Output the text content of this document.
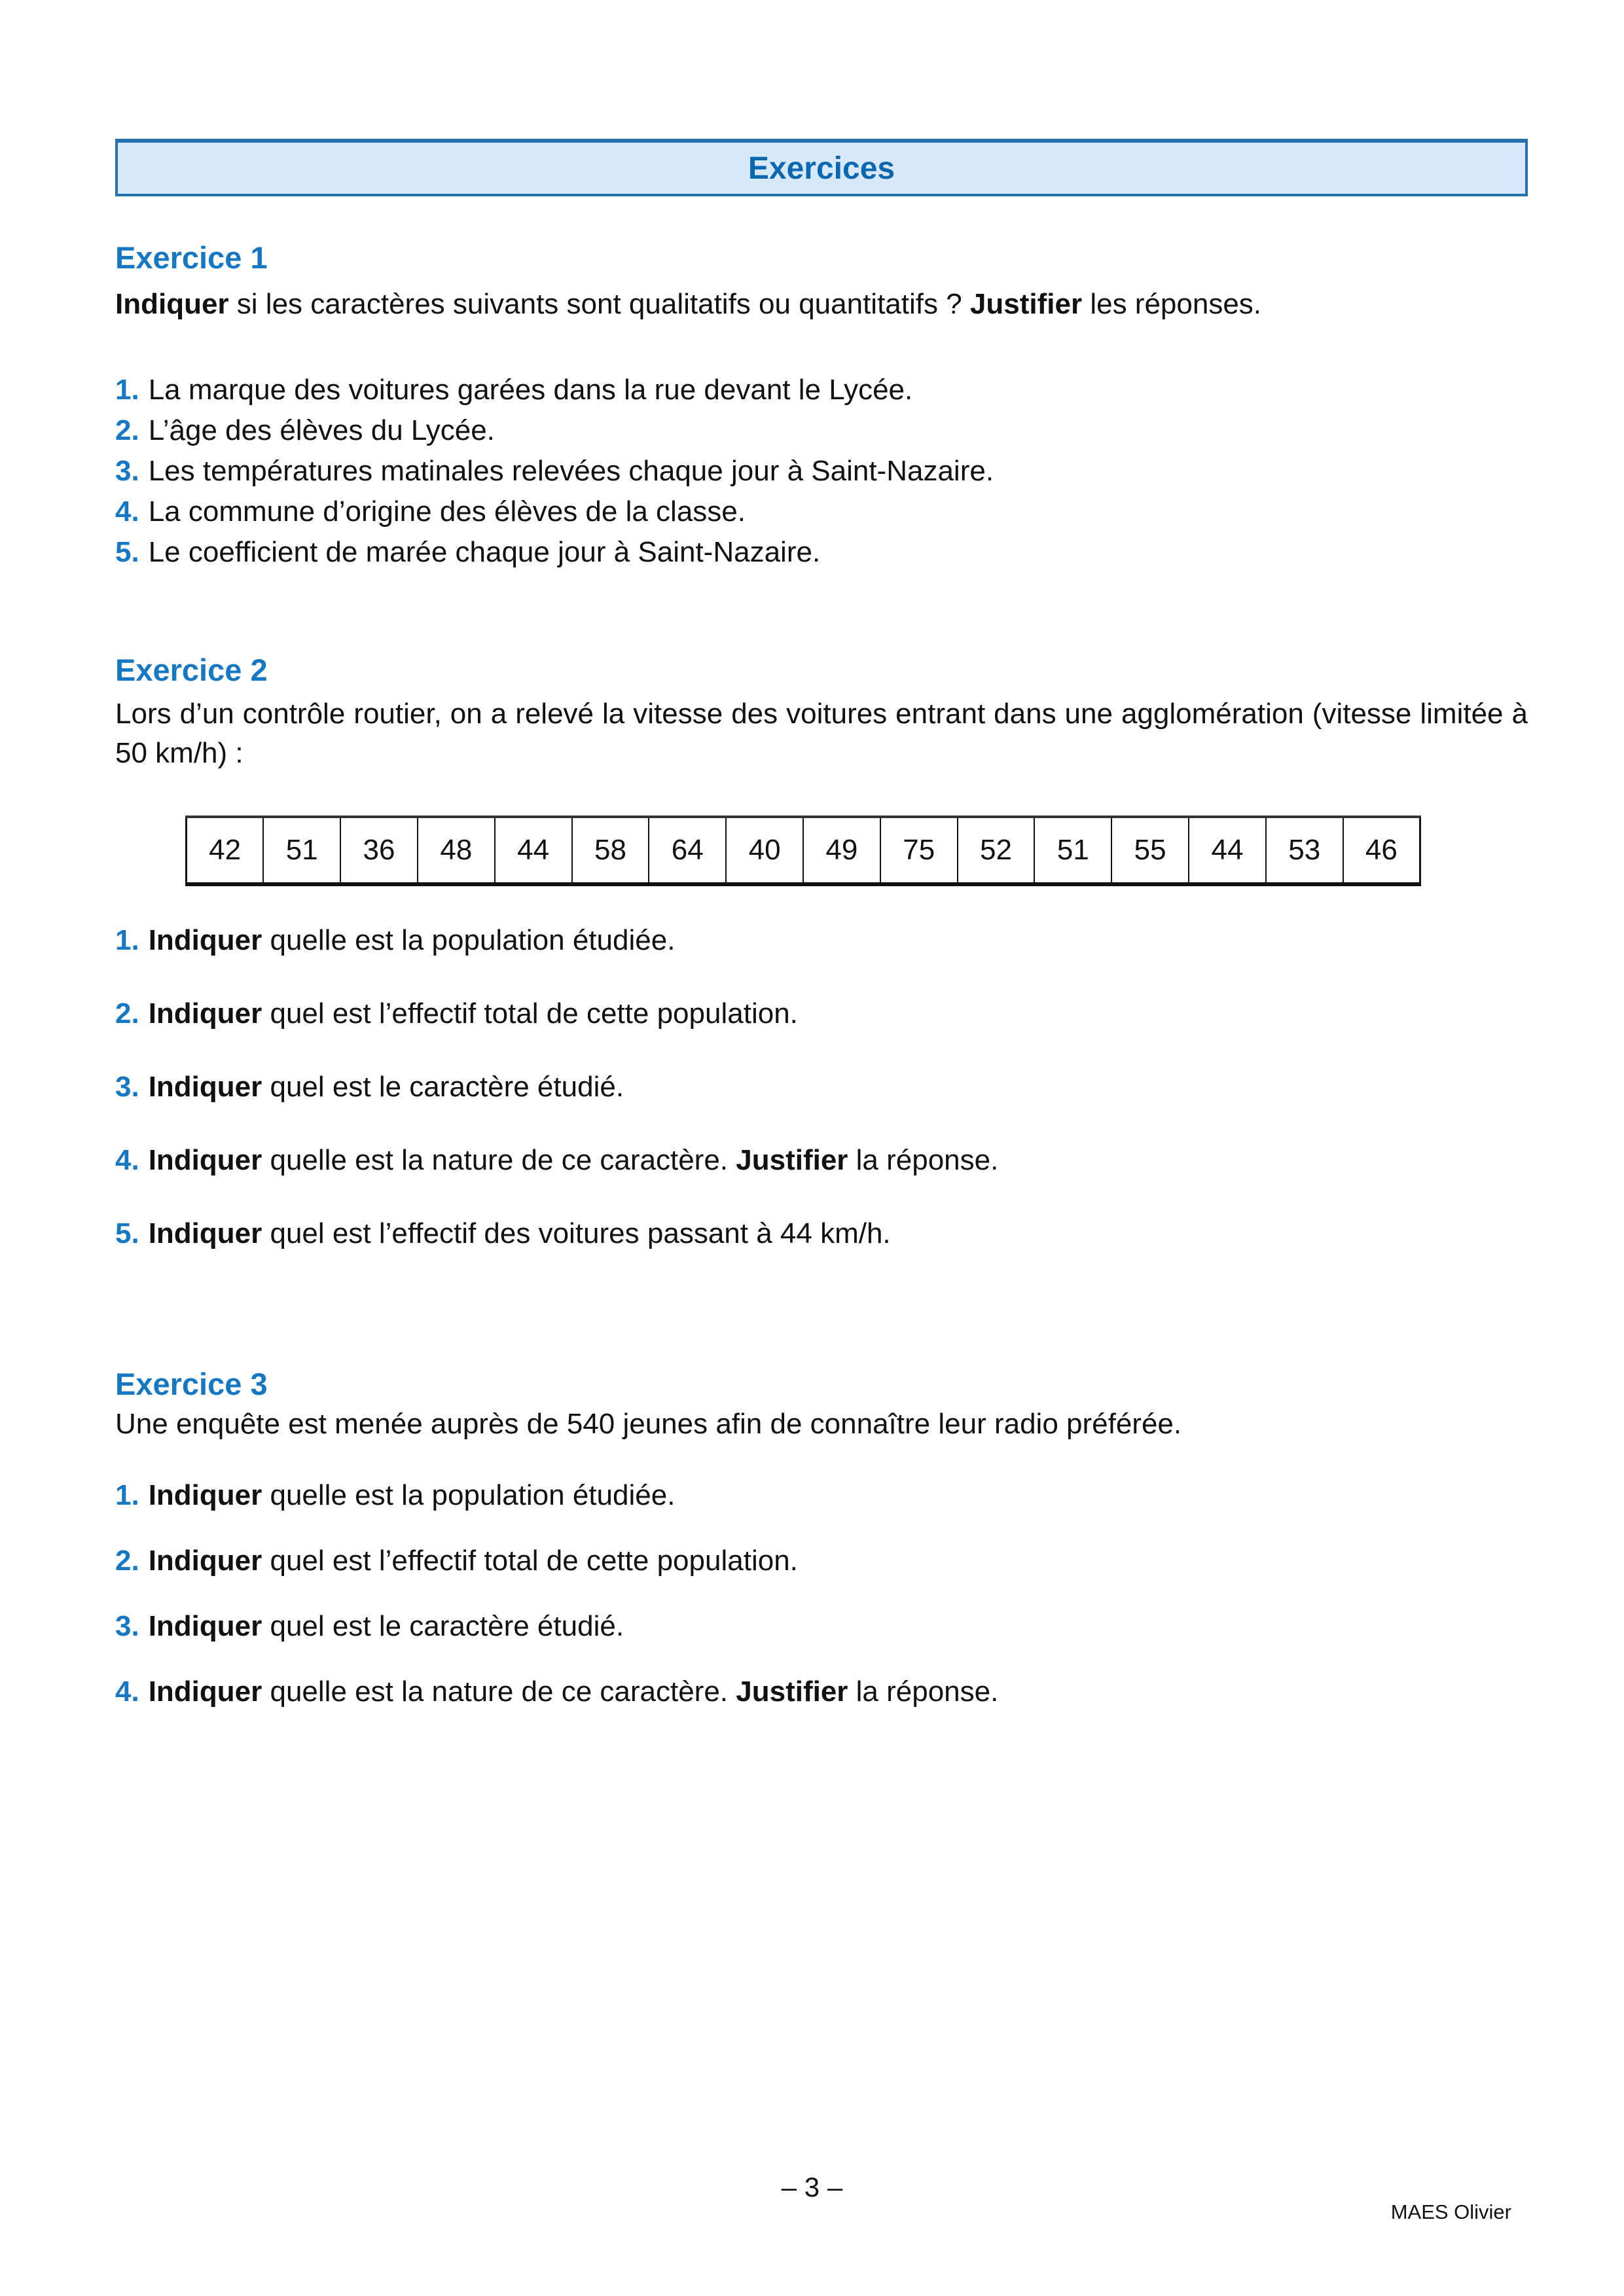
Exercices
Exercice 1

Indiquer si les caractères suivants sont qualitatifs ou quantitatifs ? Justifier les réponses.

1. La marque des voitures garées dans la rue devant le Lycée.
2. L’âge des élèves du Lycée.
3. Les températures matinales relevées chaque jour à Saint-Nazaire.
4. La commune d’origine des élèves de la classe.
5. Le coefficient de marée chaque jour à Saint-Nazaire.
Exercice 2

Lors d’un contrôle routier, on a relevé la vitesse des voitures entrant dans une agglomération (vitesse limitée à 50 km/h) :

42	51	36	48	44	58	64	40	49	75	52	51	55	44	53	46
1. Indiquer quelle est la population étudiée.
2. Indiquer quel est l’effectif total de cette population.
3. Indiquer quel est le caractère étudié.
4. Indiquer quelle est la nature de ce caractère. Justifier la réponse.
5. Indiquer quel est l’effectif des voitures passant à 44 km/h.
Exercice 3

Une enquête est menée auprès de 540 jeunes afin de connaître leur radio préférée.

1. Indiquer quelle est la population étudiée.
2. Indiquer quel est l’effectif total de cette population.
3. Indiquer quel est le caractère étudié.
4. Indiquer quelle est la nature de ce caractère. Justifier la réponse.
– 3 –
MAES Olivier
